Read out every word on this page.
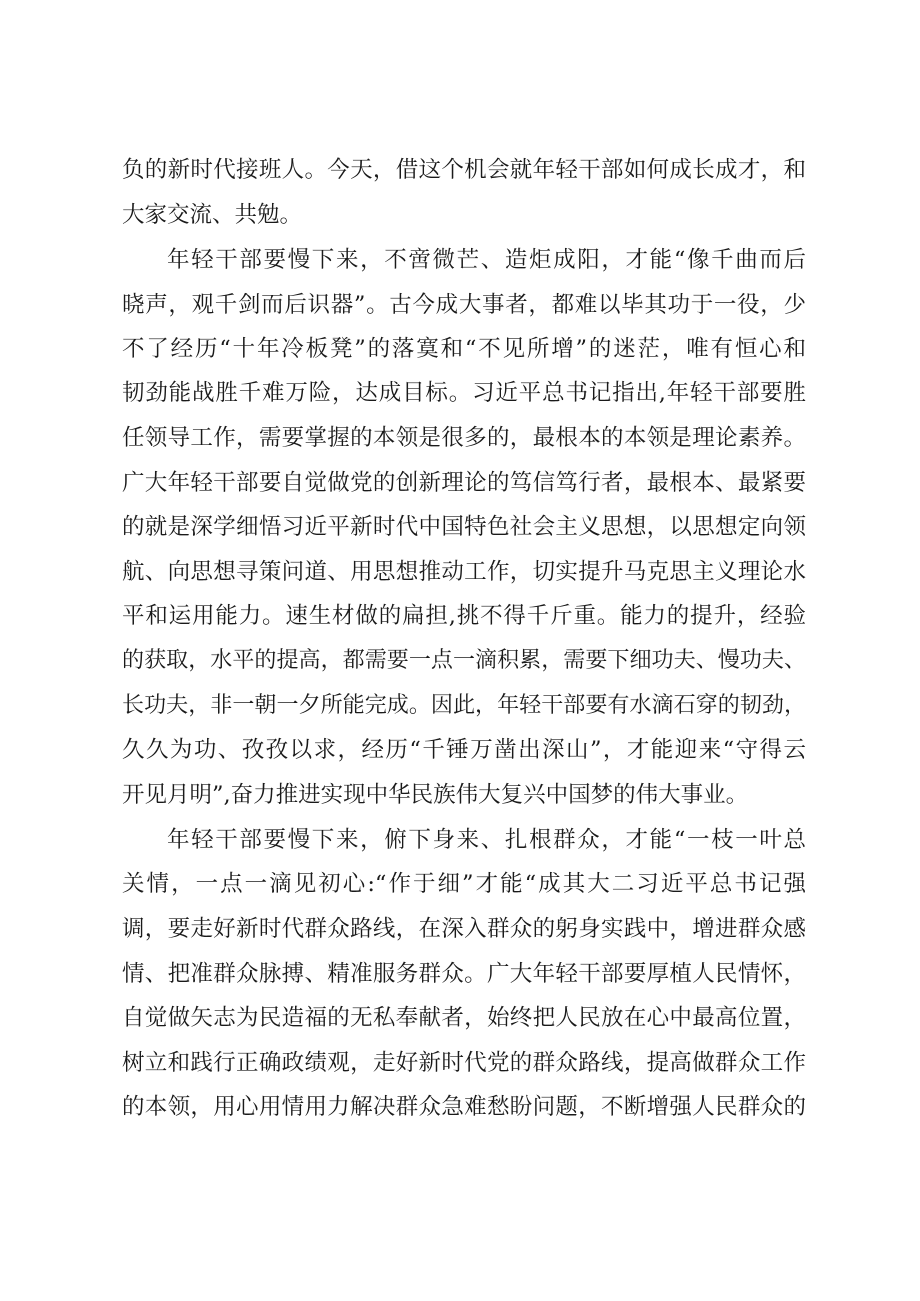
负的新时代接班人。今天，借这个机会就年轻干部如何成长成才，和
大家交流、共勉。
年轻干部要慢下来，不啻微芒、造炬成阳，才能“像千曲而后
晓声，观千剑而后识器”。古今成大事者，都难以毕其功于一役，少
不了经历“十年冷板凳”的落寞和“不见所增”的迷茫，唯有恒心和
韧劲能战胜千难万险，达成目标。习近平总书记指出,年轻干部要胜
任领导工作，需要掌握的本领是很多的，最根本的本领是理论素养。
广大年轻干部要自觉做党的创新理论的笃信笃行者，最根本、最紧要
的就是深学细悟习近平新时代中国特色社会主义思想，以思想定向领
航、向思想寻策问道、用思想推动工作，切实提升马克思主义理论水
平和运用能力。速生材做的扁担,挑不得千斤重。能力的提升，经验
的获取，水平的提高，都需要一点一滴积累，需要下细功夫、慢功夫、
长功夫，非一朝一夕所能完成。因此，年轻干部要有水滴石穿的韧劲，
久久为功、孜孜以求，经历“千锤万凿出深山”，才能迎来“守得云
开见月明”,奋力推进实现中华民族伟大复兴中国梦的伟大事业。
年轻干部要慢下来，俯下身来、扎根群众，才能“一枝一叶总
关情，一点一滴见初心:“作于细”才能“成其大二习近平总书记强
调，要走好新时代群众路线，在深入群众的躬身实践中，增进群众感
情、把准群众脉搏、精准服务群众。广大年轻干部要厚植人民情怀，
自觉做矢志为民造福的无私奉献者，始终把人民放在心中最高位置，
树立和践行正确政绩观，走好新时代党的群众路线，提高做群众工作
的本领，用心用情用力解决群众急难愁盼问题，不断增强人民群众的
